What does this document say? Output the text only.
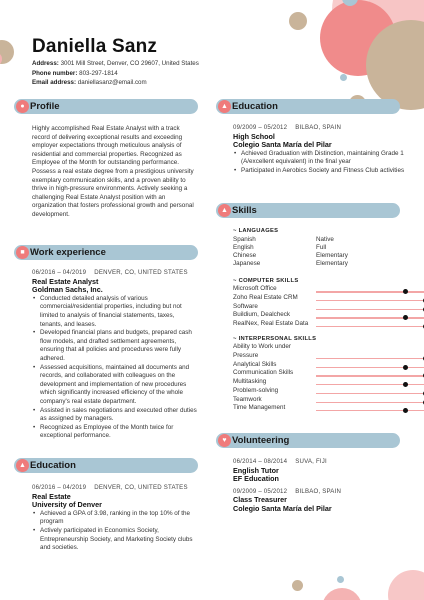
Daniella Sanz
Address: 3001 Mill Street, Denver, CO 29607, United States
Phone number: 803-297-1814
Email address: daniellasanz@email.com
● Profile
Highly accomplished Real Estate Analyst with a track record of delivering exceptional results and exceeding employer expectations through meticulous analysis of residential and commercial properties. Recognized as Employee of the Month for outstanding performance. Possess a real estate degree from a prestigious university exemplary communication skills, and a proven ability to thrive in high-pressure environments. Actively seeking a challenging Real Estate Analyst position with an organization that fosters professional growth and personal development.
■ Work experience
06/2016 – 04/2019 DENVER, CO, UNITED STATES
Real Estate Analyst
Goldman Sachs, Inc.
• Conducted detailed analysis of various commercial/residential properties, including but not limited to analysis of financial statements, taxes, tenants, and leases.
• Developed financial plans and budgets, prepared cash flow models, and drafted settlement agreements, ensuring that all policies and procedures were fully adhered.
• Assessed acquisitions, maintained all documents and records, and collaborated with colleagues on the development and implementation of new procedures which significantly increased efficiency of the whole company's real estate department.
• Assisted in sales negotiations and executed other duties as assigned by managers.
• Recognized as Employee of the Month twice for exceptional performance.
▲ Education
06/2016 – 04/2019 DENVER, CO, UNITED STATES
Real Estate
University of Denver
• Achieved a GPA of 3.98, ranking in the top 10% of the program
• Actively participated in Economics Society, Entrepreneurship Society, and Marketing Society clubs and societies.
▲ Education
09/2009 – 05/2012 BILBAO, SPAIN
High School
Colegio Santa María del Pilar
• Achieved Graduation with Distinction, maintaining Grade 1 (A/excellent equivalent) in the final year
• Participated in Aerobics Society and Fitness Club activities
▲ Skills
~ LANGUAGES
Spanish	Native
English	Full
Chinese	Elementary
Japanese	Elementary
~ COMPUTER SKILLS
Microsoft Office
Zoho Real Estate CRM
Software
Buildium, Dealcheck
RealNex, Real Estate Data
~ INTERPERSONAL SKILLS
Ability to Work under
Pressure
Analytical Skills
Communication Skills
Multitasking
Problem-solving
Teamwork
Time Management
♥ Volunteering
06/2014 – 08/2014 SUVA, FIJI
English Tutor
EF Education
09/2009 – 05/2012 BILBAO, SPAIN
Class Treasurer
Colegio Santa María del Pilar
